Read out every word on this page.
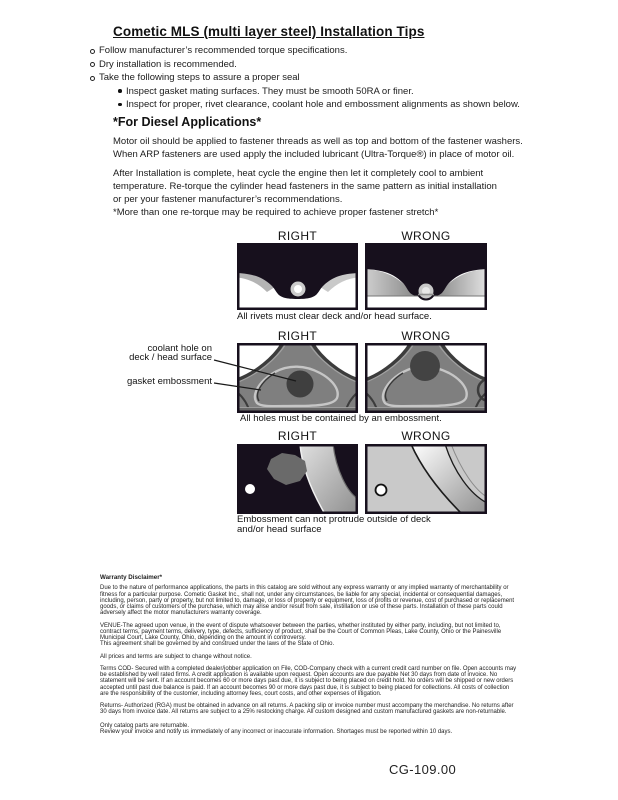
Cometic MLS (multi layer steel) Installation Tips
Follow manufacturer’s recommended torque specifications.
Dry installation is recommended.
Take the following steps to assure a proper seal
Inspect gasket mating surfaces. They must be smooth 50RA or finer.
Inspect for proper, rivet clearance, coolant hole and embossment alignments as shown below.
*For Diesel Applications*
Motor oil should be applied to fastener threads as well as top and bottom of the fastener washers.
When ARP fasteners are used apply the included lubricant (Ultra-Torque®) in place of motor oil.
After Installation is complete, heat cycle the engine then let it completely cool to ambient
temperature. Re-torque the cylinder head fasteners in the same pattern as initial installation
or per your fastener manufacturer’s recommendations.
*More than one re-torque may be required to achieve proper fastener stretch*
RIGHT	WRONG
All rivets must clear deck and/or head surface.
RIGHT	WRONG
coolant hole on
deck / head surface
gasket embossment
All holes must be contained by an embossment.
RIGHT	WRONG
Embossment can not protrude outside of deck
and/or head surface
Warranty Disclaimer*
Due to the nature of performance applications, the parts in this catalog are sold without any express warranty or any implied warranty of merchantability or
fitness for a particular purpose. Cometic Gasket Inc., shall not, under any circumstances, be liable for any special, incidental or consequential damages,
including, person, party or property, but not limited to, damage, or loss of property or equipment, loss of profits or revenue, cost of purchased or replacement
goods, or claims of customers of the purchase, which may arise and/or result from sale, instillation or use of these parts. Installation of these parts could
adversely affect the motor manufacturers warranty coverage.
VENUE-The agreed upon venue, in the event of dispute whatsoever between the parties, whether instituted by either party, including, but not limited to,
contract terms, payment terms, delivery, type, defects, sufficiency of product, shall be the Court of Common Pleas, Lake County, Ohio or the Painesville
Municipal Court, Lake County, Ohio, depending on the amount in controversy.
This agreement shall be governed by and construed under the laws of the State of Ohio.
All prices and terms are subject to change without notice.
Terms COD- Secured with a completed dealer/jobber application on File, COD-Company check with a current credit card number on file. Open accounts may
be established by well rated firms. A credit application is available upon request. Open accounts are due payable Net 30 days from date of invoice. No
statement will be sent. If an account becomes 60 or more days past due, it is subject to being placed on credit hold. No orders will be shipped or new orders
accepted until past due balance is paid. If an account becomes 90 or more days past due, it is subject to being placed for collections. All costs of collection
are the responsibility of the customer, including attorney fees, court costs, and other expenses of litigation.
Returns- Authorized (RGA) must be obtained in advance on all returns. A packing slip or invoice number must accompany the merchandise. No returns after
30 days from invoice date. All returns are subject to a 25% restocking charge. All custom designed and custom manufactured gaskets are non-returnable.
Only catalog parts are returnable.
Review your invoice and notify us immediately of any incorrect or inaccurate information. Shortages must be reported within 10 days.
CG-109.00
